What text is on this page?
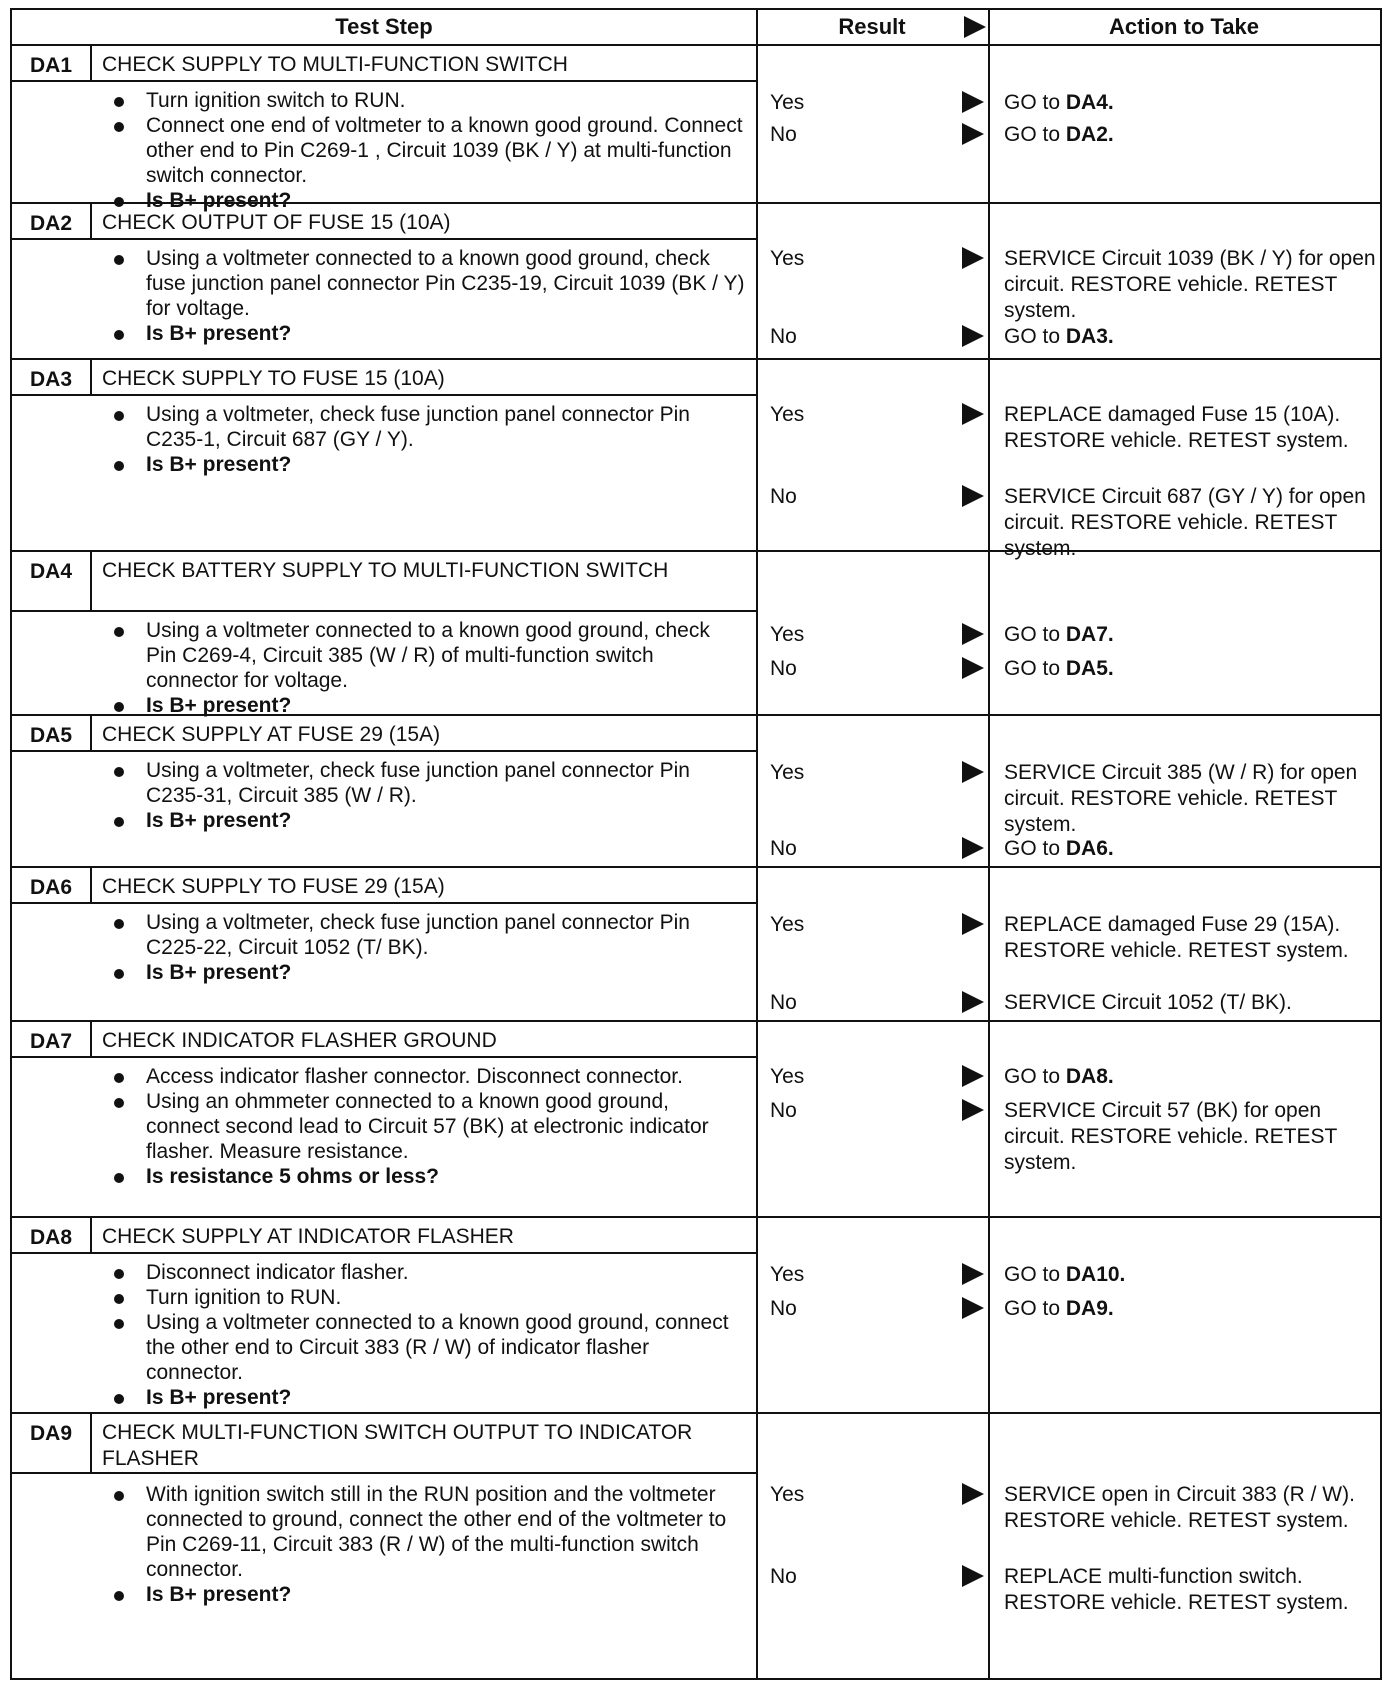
Test Step	Result	Action to Take
DA1	CHECK SUPPLY TO MULTI-FUNCTION SWITCH
Turn ignition switch to RUN.
Connect one end of voltmeter to a known good ground. Connect other end to Pin C269-1 , Circuit 1039 (BK / Y) at multi-function switch connector.
Is B+ present?
Yes	GO to DA4.
No	GO to DA2.
DA2	CHECK OUTPUT OF FUSE 15 (10A)
Using a voltmeter connected to a known good ground, check fuse junction panel connector Pin C235-19, Circuit 1039 (BK / Y) for voltage.
Is B+ present?
Yes	SERVICE Circuit 1039 (BK / Y) for open circuit. RESTORE vehicle. RETEST system.
No	GO to DA3.
DA3	CHECK SUPPLY TO FUSE 15 (10A)
Using a voltmeter, check fuse junction panel connector Pin C235-1, Circuit 687 (GY / Y).
Is B+ present?
Yes	REPLACE damaged Fuse 15 (10A). RESTORE vehicle. RETEST system.
No	SERVICE Circuit 687 (GY / Y) for open circuit. RESTORE vehicle. RETEST system.
DA4	CHECK BATTERY SUPPLY TO MULTI-FUNCTION SWITCH
Using a voltmeter connected to a known good ground, check Pin C269-4, Circuit 385 (W / R) of multi-function switch connector for voltage.
Is B+ present?
Yes	GO to DA7.
No	GO to DA5.
DA5	CHECK SUPPLY AT FUSE 29 (15A)
Using a voltmeter, check fuse junction panel connector Pin C235-31, Circuit 385 (W / R).
Is B+ present?
Yes	SERVICE Circuit 385 (W / R) for open circuit. RESTORE vehicle. RETEST system.
No	GO to DA6.
DA6	CHECK SUPPLY TO FUSE 29 (15A)
Using a voltmeter, check fuse junction panel connector Pin C225-22, Circuit 1052 (T/ BK).
Is B+ present?
Yes	REPLACE damaged Fuse 29 (15A). RESTORE vehicle. RETEST system.
No	SERVICE Circuit 1052 (T/ BK).
DA7	CHECK INDICATOR FLASHER GROUND
Access indicator flasher connector. Disconnect connector.
Using an ohmmeter connected to a known good ground, connect second lead to Circuit 57 (BK) at electronic indicator flasher. Measure resistance.
Is resistance 5 ohms or less?
Yes	GO to DA8.
No	SERVICE Circuit 57 (BK) for open circuit. RESTORE vehicle. RETEST system.
DA8	CHECK SUPPLY AT INDICATOR FLASHER
Disconnect indicator flasher.
Turn ignition to RUN.
Using a voltmeter connected to a known good ground, connect the other end to Circuit 383 (R / W) of indicator flasher connector.
Is B+ present?
Yes	GO to DA10.
No	GO to DA9.
DA9	CHECK MULTI-FUNCTION SWITCH OUTPUT TO INDICATOR FLASHER
With ignition switch still in the RUN position and the voltmeter connected to ground, connect the other end of the voltmeter to Pin C269-11, Circuit 383 (R / W) of the multi-function switch connector.
Is B+ present?
Yes	SERVICE open in Circuit 383 (R / W). RESTORE vehicle. RETEST system.
No	REPLACE multi-function switch. RESTORE vehicle. RETEST system.
